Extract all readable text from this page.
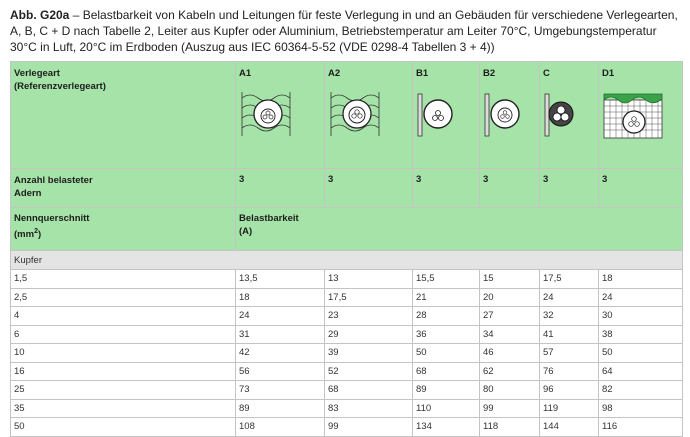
Abb. G20a – Belastbarkeit von Kabeln und Leitungen für feste Verlegung in und an Gebäuden für verschiedene Verlegearten, A, B, C + D nach Tabelle 2, Leiter aus Kupfer oder Aluminium, Betriebstemperatur am Leiter 70°C, Umgebungstemperatur 30°C in Luft, 20°C im Erdboden (Auszug aus IEC 60364-5-52 (VDE 0298-4 Tabellen 3 + 4))
Verlegeart
(Referenzverlegeart)	A1	A2	B1	B2	C	D1

Anzahl belasteter
Adern	3	3	3	3	3	3

Nennquerschnitt
$(mm^2)$	Belastbarkeit
(A)					

Kupfer						
1,5	13,5	13	15,5	15	17,5	18
2,5	18	17,5	21	20	24	24
4	24	23	28	27	32	30
6	31	29	36	34	41	38
10	42	39	50	46	57	50
16	56	52	68	62	76	64
25	73	68	89	80	96	82
35	89	83	110	99	119	98
50	108	99	134	118	144	116
